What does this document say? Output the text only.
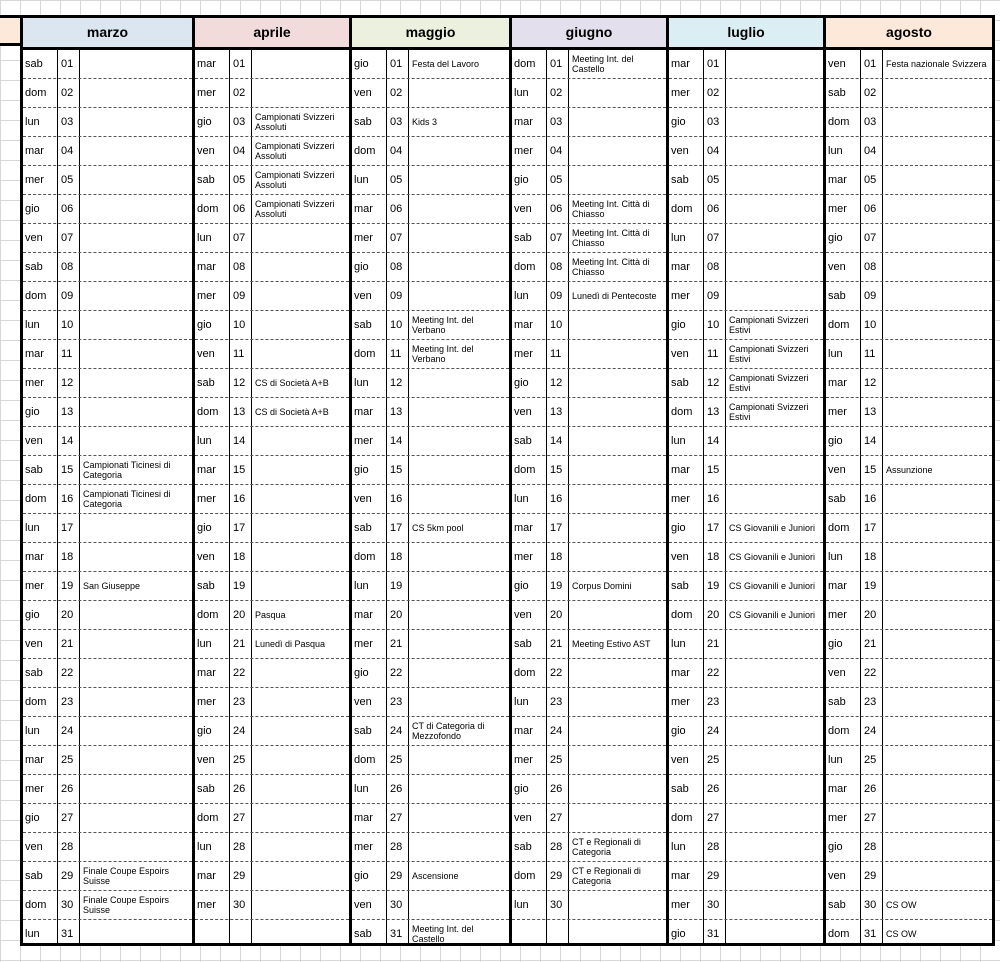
marzo
sab 01
dom 02
lun 03
mar 04
mer 05
gio 06
ven 07
sab 08
dom 09
lun 10
mar 11
mer 12
gio 13
ven 14
sab 15 Campionati Ticinesi di Categoria
dom 16 Campionati Ticinesi di Categoria
lun 17
mar 18
mer 19 San Giuseppe
gio 20
ven 21
sab 22
dom 23
lun 24
mar 25
mer 26
gio 27
ven 28
sab 29 Finale Coupe Espoirs Suisse
dom 30 Finale Coupe Espoirs Suisse
lun 31
aprile
mar 01
mer 02
gio 03 Campionati Svizzeri Assoluti
ven 04 Campionati Svizzeri Assoluti
sab 05 Campionati Svizzeri Assoluti
dom 06 Campionati Svizzeri Assoluti
lun 07
mar 08
mer 09
gio 10
ven 11
sab 12 CS di Società A+B
dom 13 CS di Società A+B
lun 14
mar 15
mer 16
gio 17
ven 18
sab 19
dom 20 Pasqua
lun 21 Lunedì di Pasqua
mar 22
mer 23
gio 24
ven 25
sab 26
dom 27
lun 28
mar 29
mer 30
maggio
gio 01 Festa del Lavoro
ven 02
sab 03 Kids 3
dom 04
lun 05
mar 06
mer 07
gio 08
ven 09
sab 10 Meeting Int. del Verbano
dom 11 Meeting Int. del Verbano
lun 12
mar 13
mer 14
gio 15
ven 16
sab 17 CS 5km pool
dom 18
lun 19
mar 20
mer 21
gio 22
ven 23
sab 24 CT di Categoria di Mezzofondo
dom 25
lun 26
mar 27
mer 28
gio 29 Ascensione
ven 30
sab 31 Meeting Int. del Castello
giugno
dom 01 Meeting Int. del Castello
lun 02
mar 03
mer 04
gio 05
ven 06 Meeting Int. Città di Chiasso
sab 07 Meeting Int. Città di Chiasso
dom 08 Meeting Int. Città di Chiasso
lun 09 Lunedì di Pentecoste
mar 10
mer 11
gio 12
ven 13
sab 14
dom 15
lun 16
mar 17
mer 18
gio 19 Corpus Domini
ven 20
sab 21 Meeting Estivo AST
dom 22
lun 23
mar 24
mer 25
gio 26
ven 27
sab 28 CT e Regionali di Categoria
dom 29 CT e Regionali di Categoria
lun 30
luglio
mar 01
mer 02
gio 03
ven 04
sab 05
dom 06
lun 07
mar 08
mer 09
gio 10 Campionati Svizzeri Estivi
ven 11 Campionati Svizzeri Estivi
sab 12 Campionati Svizzeri Estivi
dom 13 Campionati Svizzeri Estivi
lun 14
mar 15
mer 16
gio 17 CS Giovanili e Juniori
ven 18 CS Giovanili e Juniori
sab 19 CS Giovanili e Juniori
dom 20 CS Giovanili e Juniori
lun 21
mar 22
mer 23
gio 24
ven 25
sab 26
dom 27
lun 28
mar 29
mer 30
gio 31
agosto
ven 01 Festa nazionale Svizzera
sab 02
dom 03
lun 04
mar 05
mer 06
gio 07
ven 08
sab 09
dom 10
lun 11
mar 12
mer 13
gio 14
ven 15 Assunzione
sab 16
dom 17
lun 18
mar 19
mer 20
gio 21
ven 22
sab 23
dom 24
lun 25
mar 26
mer 27
gio 28
ven 29
sab 30 CS OW
dom 31 CS OW
